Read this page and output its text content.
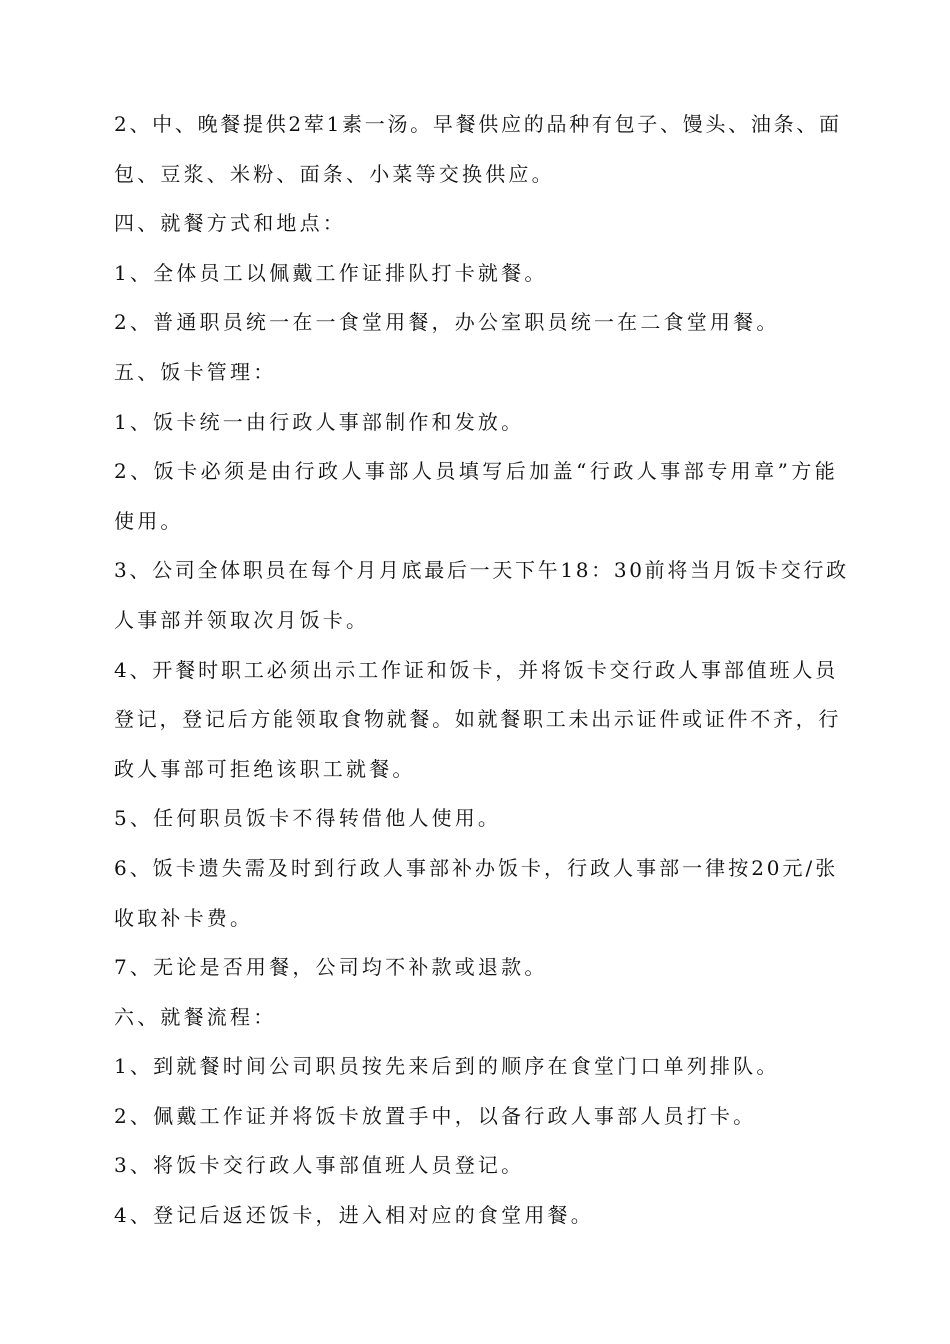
2、中、晚餐提供2荤1素一汤。早餐供应的品种有包子、馒头、油条、面
包、豆浆、米粉、面条、小菜等交换供应。
四、就餐方式和地点：
1、全体员工以佩戴工作证排队打卡就餐。
2、普通职员统一在一食堂用餐，办公室职员统一在二食堂用餐。
五、饭卡管理：
1、饭卡统一由行政人事部制作和发放。
2、饭卡必须是由行政人事部人员填写后加盖“行政人事部专用章”方能
使用。
3、公司全体职员在每个月月底最后一天下午18：30前将当月饭卡交行政
人事部并领取次月饭卡。
4、开餐时职工必须出示工作证和饭卡，并将饭卡交行政人事部值班人员
登记，登记后方能领取食物就餐。如就餐职工未出示证件或证件不齐，行
政人事部可拒绝该职工就餐。
5、任何职员饭卡不得转借他人使用。
6、饭卡遗失需及时到行政人事部补办饭卡，行政人事部一律按20元/张
收取补卡费。
7、无论是否用餐，公司均不补款或退款。
六、就餐流程：
1、到就餐时间公司职员按先来后到的顺序在食堂门口单列排队。
2、佩戴工作证并将饭卡放置手中，以备行政人事部人员打卡。
3、将饭卡交行政人事部值班人员登记。
4、登记后返还饭卡，进入相对应的食堂用餐。
